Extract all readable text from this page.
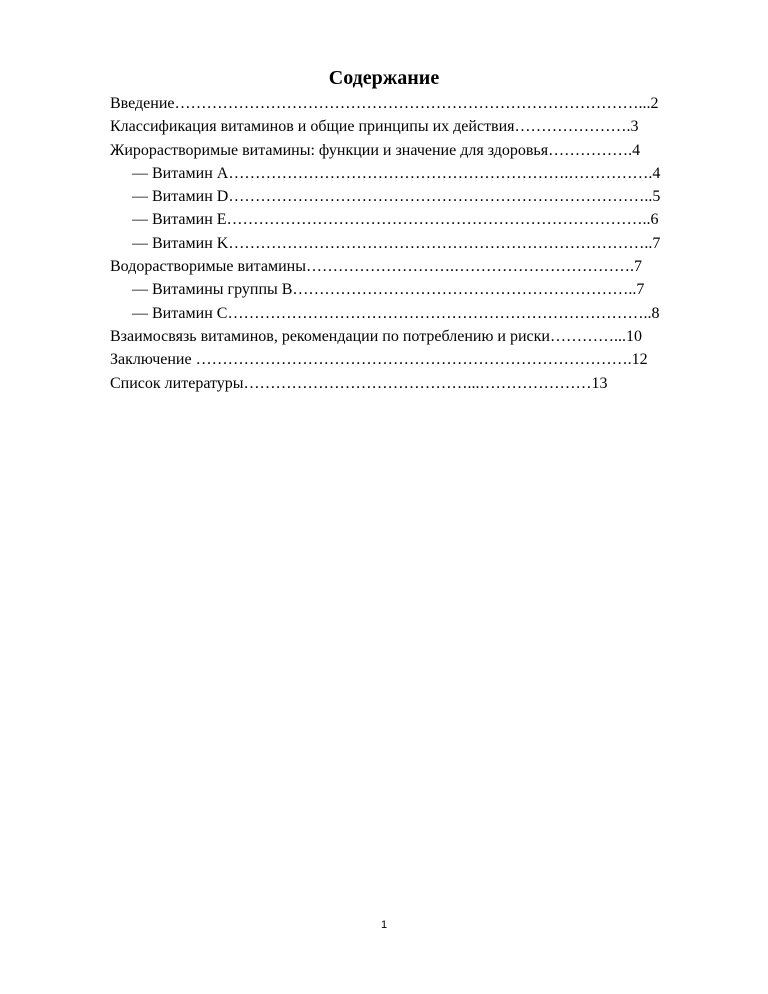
Содержание
Введение……………………………………………………………………………...2
Классификация витаминов и общие принципы их действия………………….3
Жирорастворимые витамины: функции и значение для здоровья…………….4
— Витамин A……………………………………………………….…………….4
— Витамин D……………………………………………………………………..5
— Витамин E……………………………………………………………………..6
— Витамин K……………………………………………………………………..7
Водорастворимые витамины……………………….…………………………….7
— Витамины группы B………………………………………………………..7
— Витамин C……………………………………………………………………..8
Взаимосвязь витаминов, рекомендации по потреблению и риски…………...10
Заключение ……………………………………………………………………….12
Список литературы……………………………………...…………………13
1
